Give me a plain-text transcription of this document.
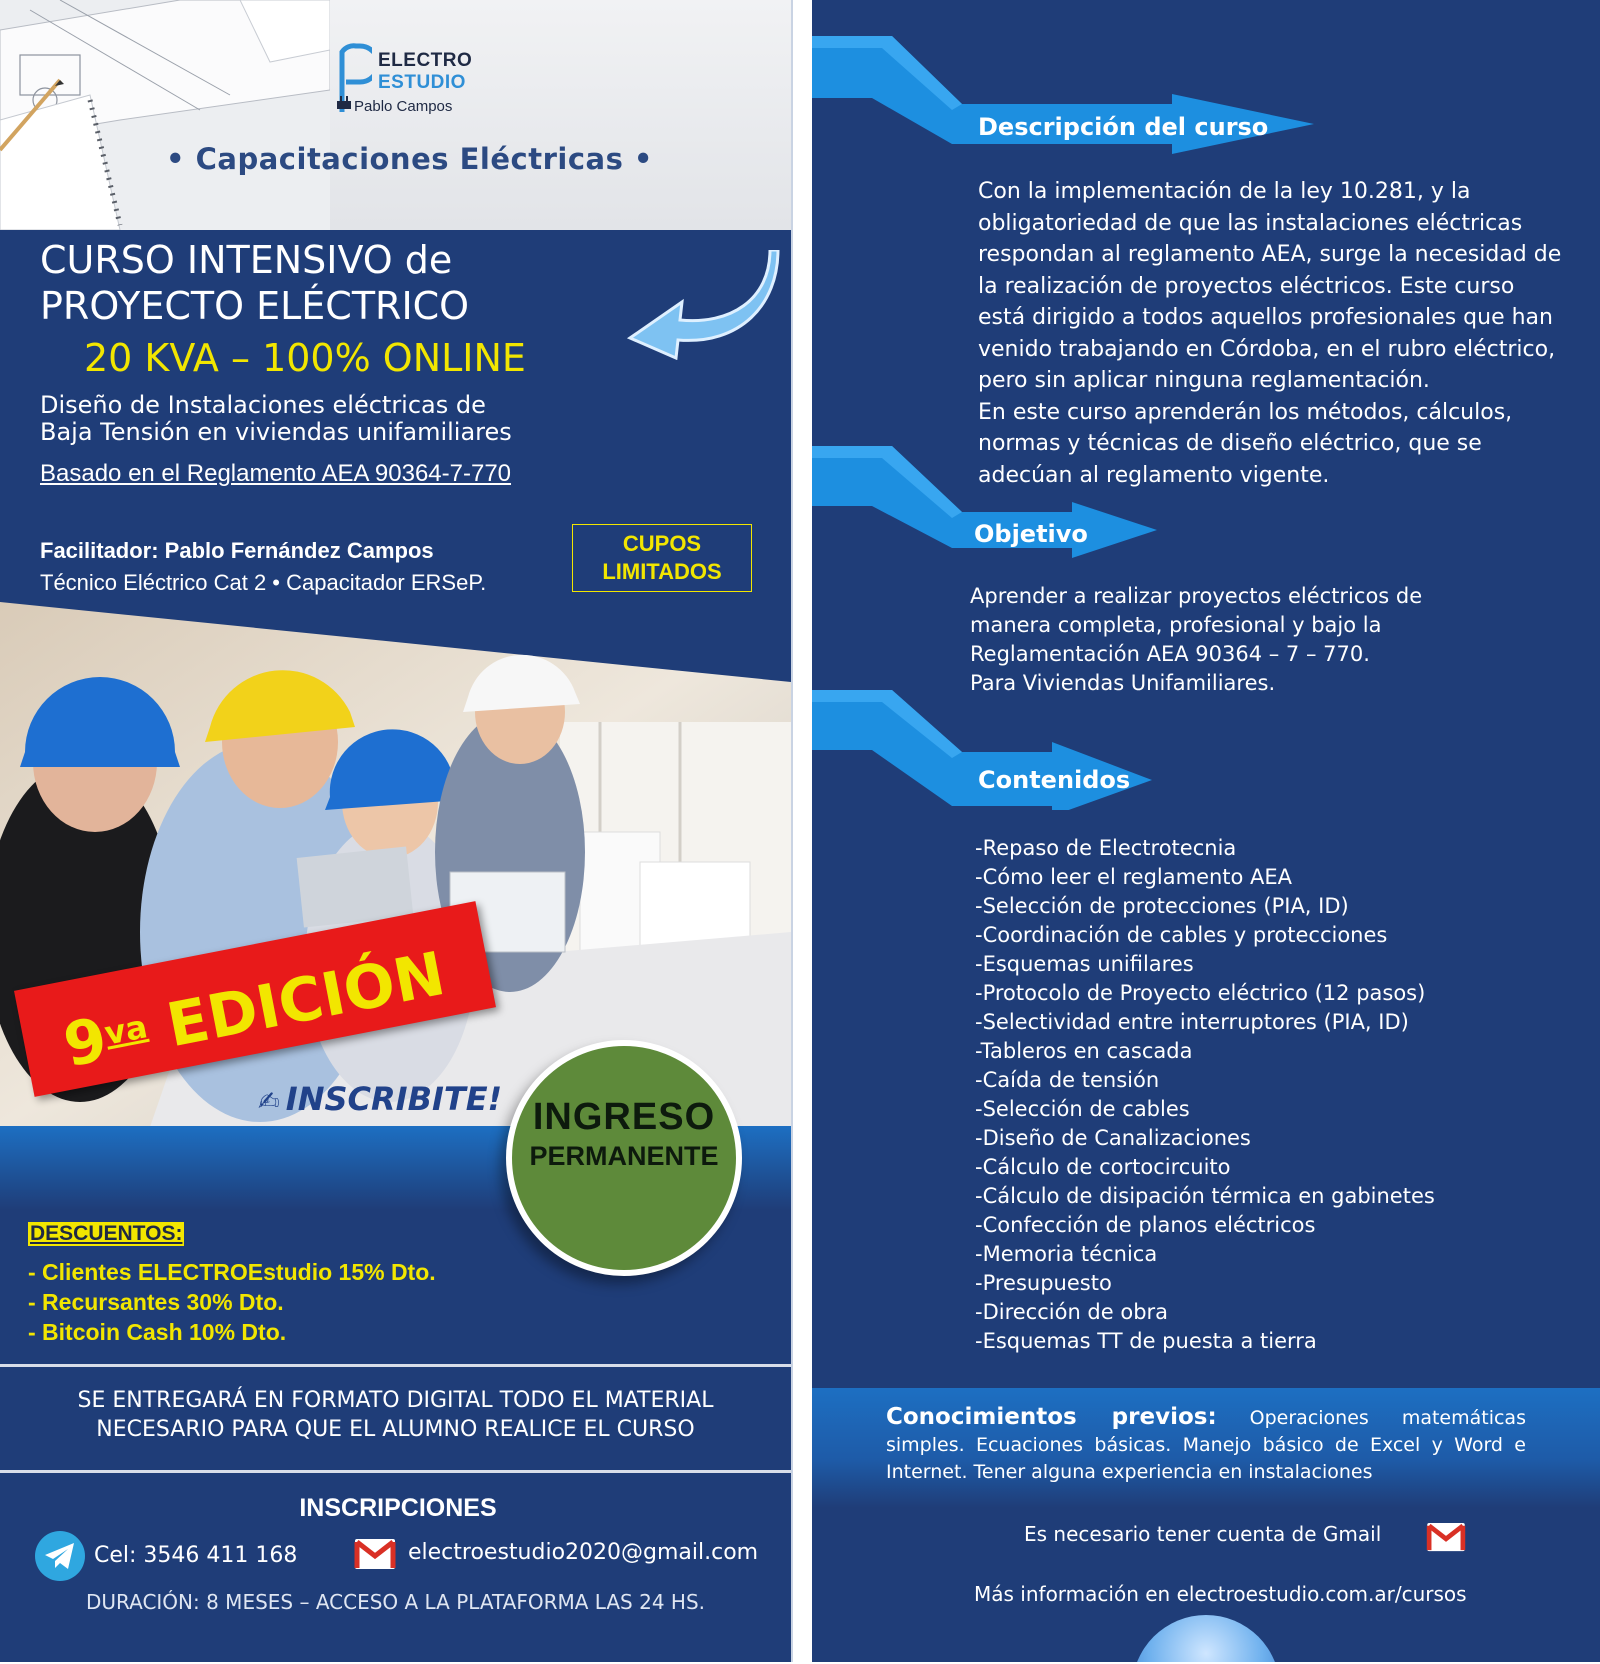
ELECTRO
ESTUDIO
Pablo Campos
• Capacitaciones Eléctricas •
CURSO INTENSIVO de
PROYECTO ELÉCTRICO
20 KVA – 100% ONLINE
Diseño de Instalaciones eléctricas de
Baja Tensión en viviendas unifamiliares
Basado en el Reglamento AEA 90364-7-770
Facilitador: Pablo Fernández Campos
Técnico Eléctrico Cat 2 • Capacitador ERSeP.
CUPOS
LIMITADOS
$9^{va}$ EDICIÓN
✍ INSCRIBITE! INGRESO
PERMANENTE
DESCUENTOS:
- Clientes ELECTROEstudio 15% Dto.
- Recursantes 30% Dto.
- Bitcoin Cash 10% Dto.
SE ENTREGARÁ EN FORMATO DIGITAL TODO EL MATERIAL
NECESARIO PARA QUE EL ALUMNO REALICE EL CURSO
INSCRIPCIONES
Cel: 3546 411 168	electroestudio2020@gmail.com
DURACIÓN: 8 MESES – ACCESO A LA PLATAFORMA LAS 24 HS.
Descripción del curso

Con la implementación de la ley 10.281, y la obligatoriedad de que las instalaciones eléctricas respondan al reglamento AEA, surge la necesidad de la realización de proyectos eléctricos. Este curso está dirigido a todos aquellos profesionales que han venido trabajando en Córdoba, en el rubro eléctrico, pero sin aplicar ninguna reglamentación.

En este curso aprenderán los métodos, cálculos, normas y técnicas de diseño eléctrico, que se adecúan al reglamento vigente.

Objetivo

Aprender a realizar proyectos eléctricos de

manera completa, profesional y bajo la

Reglamentación AEA 90364 – 7 – 770.

Para Viviendas Unifamiliares.

Contenidos
-Repaso de Electrotecnia
-Cómo leer el reglamento AEA
-Selección de protecciones (PIA, ID)
-Coordinación de cables y protecciones
-Esquemas unifilares
-Protocolo de Proyecto eléctrico (12 pasos)
-Selectividad entre interruptores (PIA, ID)
-Tableros en cascada
-Caída de tensión
-Selección de cables
-Diseño de Canalizaciones
-Cálculo de cortocircuito
-Cálculo de disipación térmica en gabinetes
-Confección de planos eléctricos
-Memoria técnica
-Presupuesto
-Dirección de obra
-Esquemas TT de puesta a tierra
Conocimientos previos: Operaciones matemáticas simples. Ecuaciones básicas. Manejo básico de Excel y Word e Internet. Tener alguna experiencia en instalaciones
Es necesario tener cuenta de Gmail
Más información en electroestudio.com.ar/cursos
